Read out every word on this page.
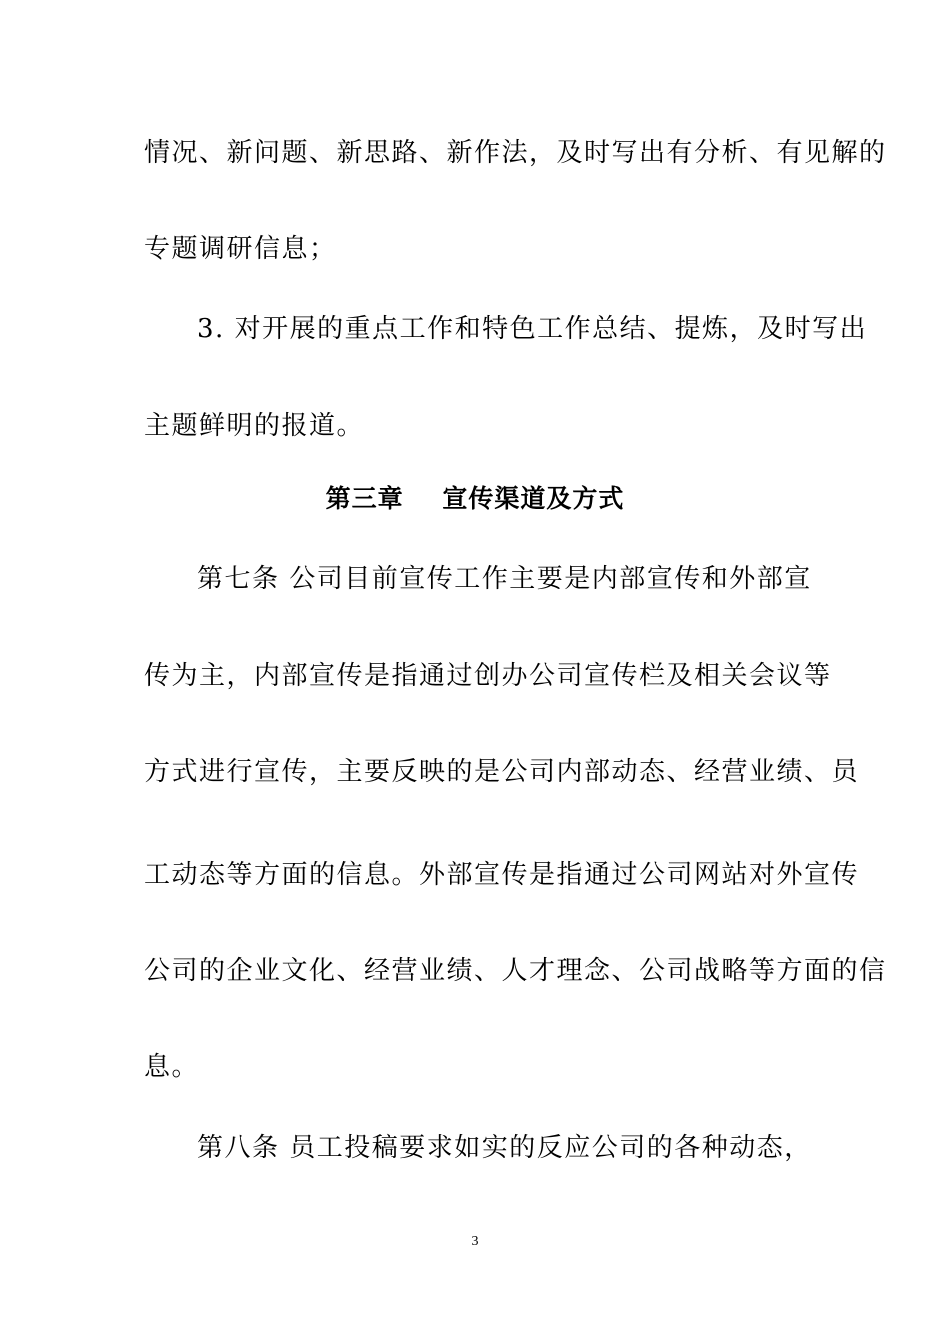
情况、新问题、新思路、新作法，及时写出有分析、有见解的

专题调研信息；

3. 对开展的重点工作和特色工作总结、提炼，及时写出

主题鲜明的报道。

第三章    宣传渠道及方式

第七条 公司目前宣传工作主要是内部宣传和外部宣

传为主，内部宣传是指通过创办公司宣传栏及相关会议等

方式进行宣传，主要反映的是公司内部动态、经营业绩、员

工动态等方面的信息。外部宣传是指通过公司网站对外宣传

公司的企业文化、经营业绩、人才理念、公司战略等方面的信

息。

第八条 员工投稿要求如实的反应公司的各种动态，

3
